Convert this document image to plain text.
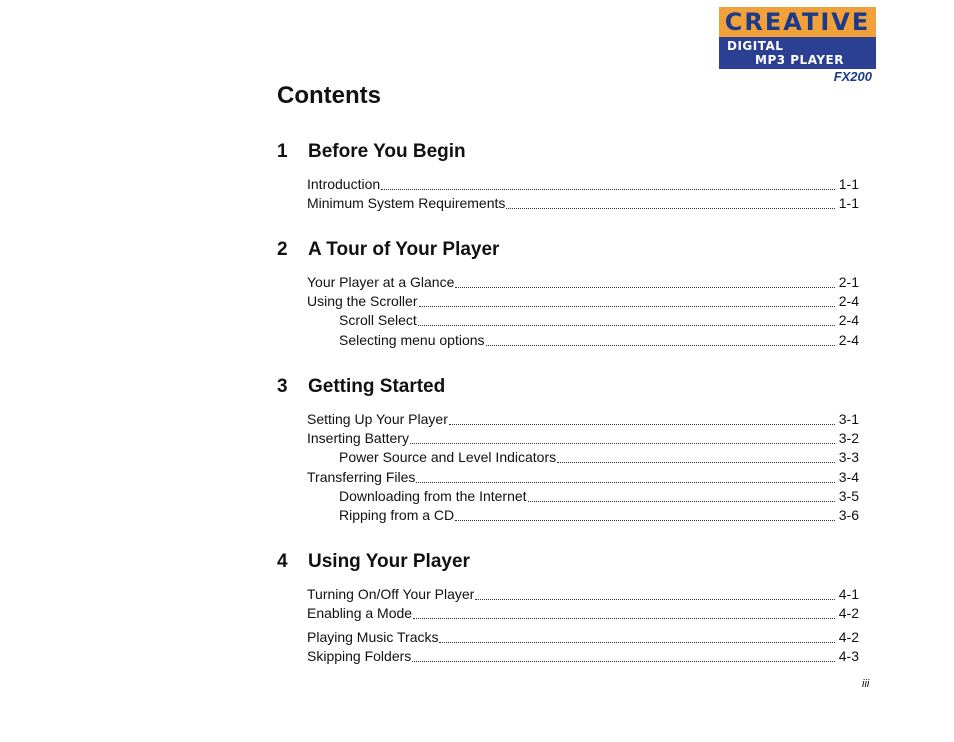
CREATIVE
DIGITAL
MP3 PLAYER
FX200
Contents
1 Before You Begin
Introduction	1-1
Minimum System Requirements	1-1
2 A Tour of Your Player
Your Player at a Glance	2-1
Using the Scroller	2-4
Scroll Select	2-4
Selecting menu options	2-4
3 Getting Started
Setting Up Your Player	3-1
Inserting Battery	3-2
Power Source and Level Indicators	3-3
Transferring Files	3-4
Downloading from the Internet	3-5
Ripping from a CD	3-6
4 Using Your Player
Turning On/Off Your Player	4-1
Enabling a Mode	4-2
Playing Music Tracks	4-2
Skipping Folders	4-3
iii
